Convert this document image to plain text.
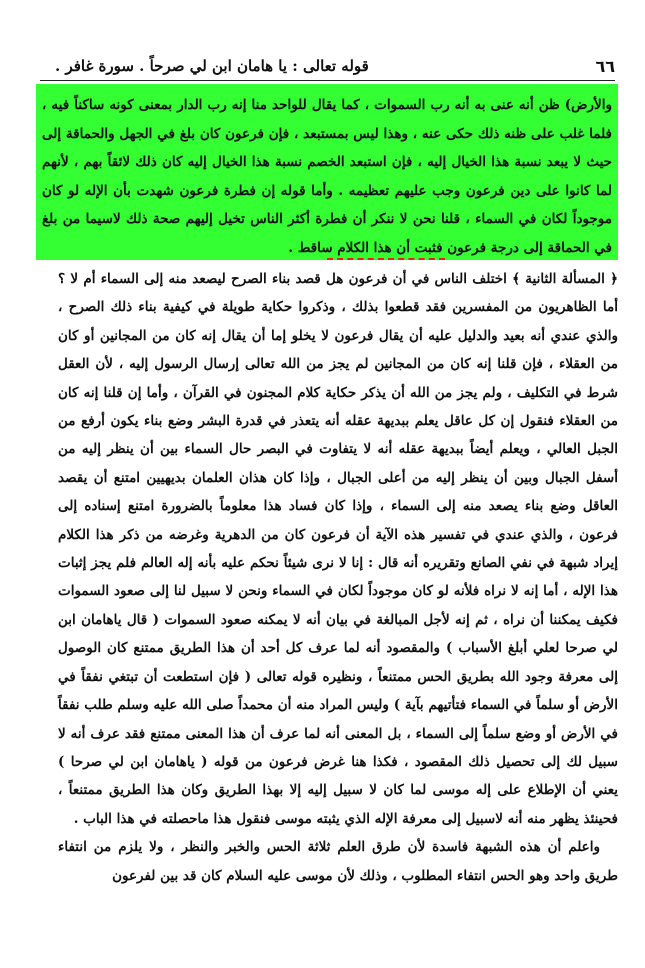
٦٦
قوله تعالى : يا هامان ابن لي صرحاً . سورة غافر .
والأرض) ظن أنه عنى به أنه رب السموات ، كما يقال للواحد منا إنه رب الدار بمعنى كونه ساكناً فيه ، فلما غلب على ظنه ذلك حكى عنه ، وهذا ليس بمستبعد ، فإن فرعون كان بلغ في الجهل والحماقة إلى حيث لا يبعد نسبة هذا الخيال إليه ، فإن استبعد الخصم نسبة هذا الخيال إليه كان ذلك لائقاً بهم ، لأنهم لما كانوا على دين فرعون وجب عليهم تعظيمه . وأما قوله إن فطرة فرعون شهدت بأن الإله لو كان موجوداً لكان في السماء ، قلنا نحن لا ننكر أن فطرة أكثر الناس تخيل إليهم صحة ذلك لاسيما من بلغ في الحماقة إلى درجة فرعون فثبت أن هذا الكلام ساقط .

﴿ المسألة الثانية ﴾ اختلف الناس في أن فرعون هل قصد بناء الصرح ليصعد منه إلى السماء أم لا ؟ أما الظاهريون من المفسرين فقد قطعوا بذلك ، وذكروا حكاية طويلة في كيفية بناء ذلك الصرح ، والذي عندي أنه بعيد والدليل عليه أن يقال فرعون لا يخلو إما أن يقال إنه كان من المجانين أو كان من العقلاء ، فإن قلنا إنه كان من المجانين لم يجز من الله تعالى إرسال الرسول إليه ، لأن العقل شرط في التكليف ، ولم يجز من الله أن يذكر حكاية كلام المجنون في القرآن ، وأما إن قلنا إنه كان من العقلاء فنقول إن كل عاقل يعلم ببديهة عقله أنه يتعذر في قدرة البشر وضع بناء يكون أرفع من الجبل العالي ، ويعلم أيضاً ببديهة عقله أنه لا يتفاوت في البصر حال السماء بين أن ينظر إليه من أسفل الجبال وبين أن ينظر إليه من أعلى الجبال ، وإذا كان هذان العلمان بديهيين امتنع أن يقصد العاقل وضع بناء يصعد منه إلى السماء ، وإذا كان فساد هذا معلوماً بالضرورة امتنع إسناده إلى فرعون ، والذي عندي في تفسير هذه الآية أن فرعون كان من الدهرية وغرضه من ذكر هذا الكلام إيراد شبهة في نفي الصانع وتقريره أنه قال : إنا لا نرى شيئاً نحكم عليه بأنه إله العالم فلم يجز إثبات هذا الإله ، أما إنه لا نراه فلأنه لو كان موجوداً لكان في السماء ونحن لا سبيل لنا إلى صعود السموات فكيف يمكننا أن نراه ، ثم إنه لأجل المبالغة في بيان أنه لا يمكنه صعود السموات ( قال ياهامان ابن لي صرحا لعلي أبلغ الأسباب ) والمقصود أنه لما عرف كل أحد أن هذا الطريق ممتنع كان الوصول إلى معرفة وجود الله بطريق الحس ممتنعاً ، ونظيره قوله تعالى ( فإن استطعت أن تبتغي نفقاً في الأرض أو سلماً في السماء فتأتيهم بآية ) وليس المراد منه أن محمداً صلى الله عليه وسلم طلب نفقاً في الأرض أو وضع سلماً إلى السماء ، بل المعنى أنه لما عرف أن هذا المعنى ممتنع فقد عرف أنه لا سبيل لك إلى تحصيل ذلك المقصود ، فكذا هنا غرض فرعون من قوله ( ياهامان ابن لي صرحا ) يعني أن الإطلاع على إله موسى لما كان لا سبيل إليه إلا بهذا الطريق وكان هذا الطريق ممتنعاً ، فحينئذ يظهر منه أنه لاسبيل إلى معرفة الإله الذي يثبته موسى فنقول هذا ماحصلته في هذا الباب .

واعلم أن هذه الشبهة فاسدة لأن طرق العلم ثلاثة الحس والخبر والنظر ، ولا يلزم من انتفاء طريق واحد وهو الحس انتفاء المطلوب ، وذلك لأن موسى عليه السلام كان قد بين لفرعون
